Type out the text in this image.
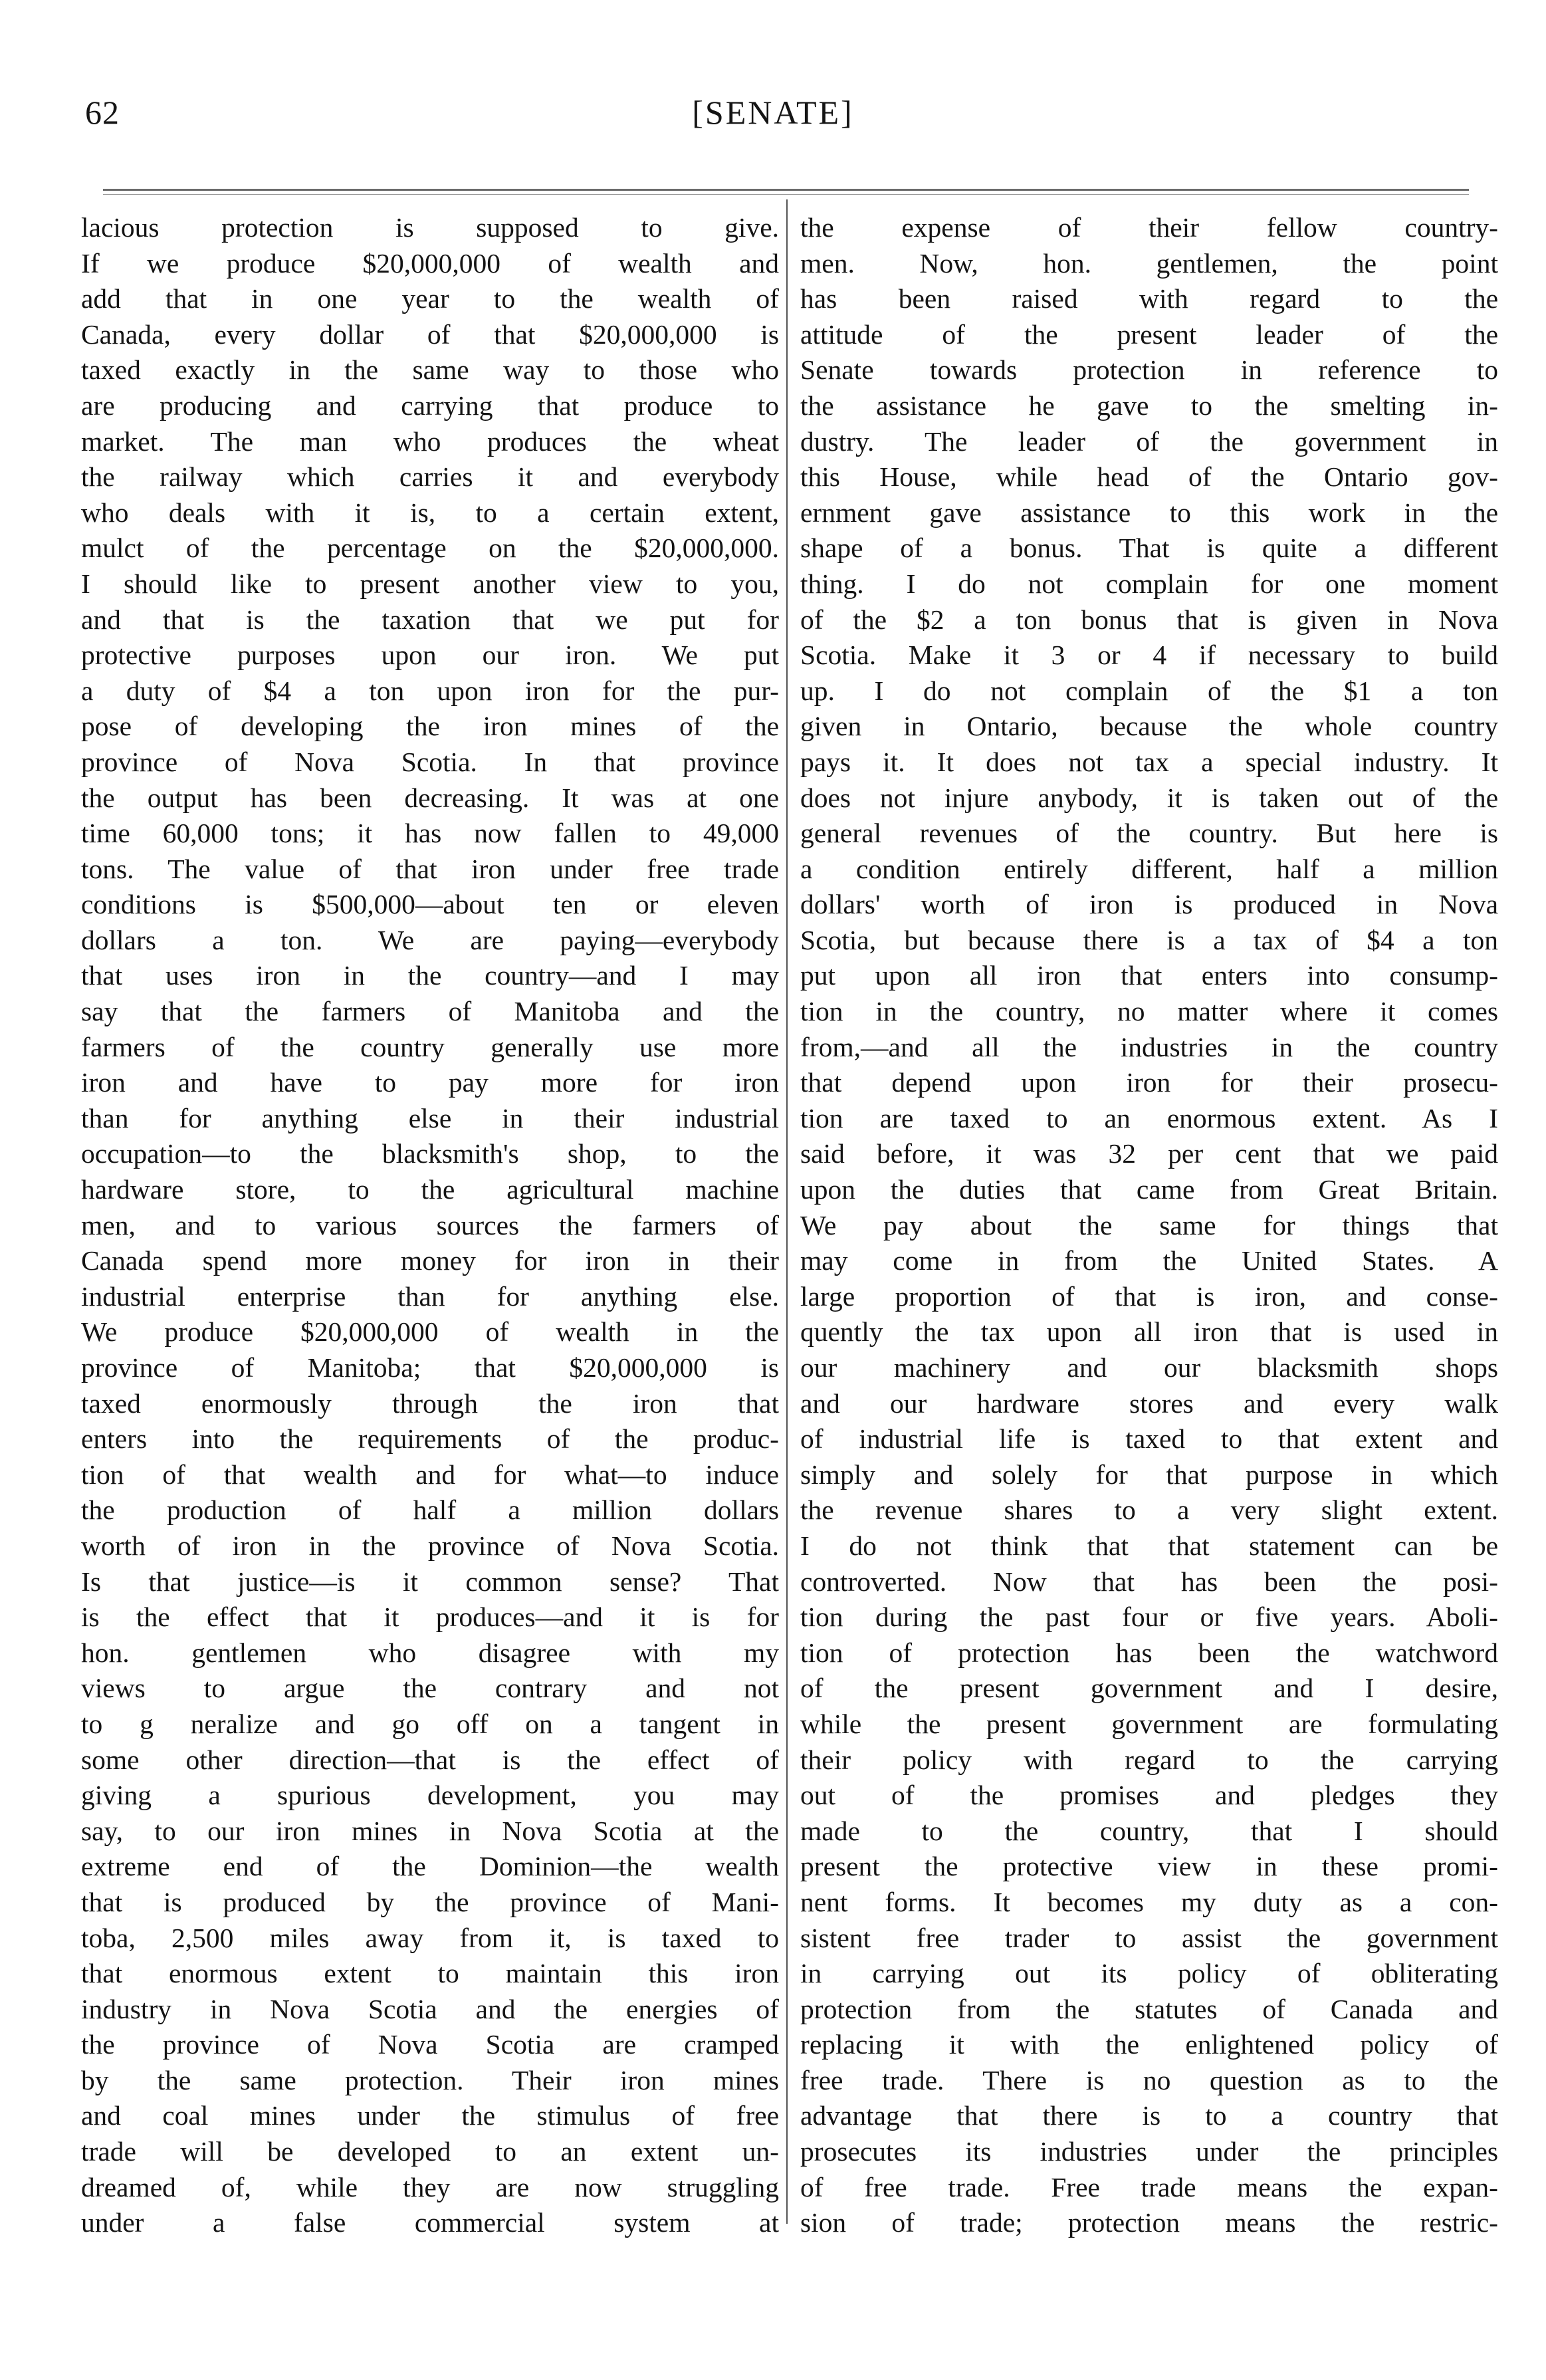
62	[SENATE]
lacious protection is supposed to give.
If we produce $20,000,000 of wealth and
add that in one year to the wealth of
Canada, every dollar of that $20,000,000 is
taxed exactly in the same way to those who
are producing and carrying that produce to
market. The man who produces the wheat
the railway which carries it and everybody
who deals with it is, to a certain extent,
mulct of the percentage on the $20,000,000.
I should like to present another view to you,
and that is the taxation that we put for
protective purposes upon our iron. We put
a duty of $4 a ton upon iron for the pur-
pose of developing the iron mines of the
province of Nova Scotia. In that province
the output has been decreasing. It was at one
time 60,000 tons; it has now fallen to 49,000
tons. The value of that iron under free trade
conditions is $500,000—about ten or eleven
dollars a ton. We are paying—everybody
that uses iron in the country—and I may
say that the farmers of Manitoba and the
farmers of the country generally use more
iron and have to pay more for iron
than for anything else in their industrial
occupation—to the blacksmith's shop, to the
hardware store, to the agricultural machine
men, and to various sources the farmers of
Canada spend more money for iron in their
industrial enterprise than for anything else.
We produce $20,000,000 of wealth in the
province of Manitoba; that $20,000,000 is
taxed enormously through the iron that
enters into the requirements of the produc-
tion of that wealth and for what—to induce
the production of half a million dollars
worth of iron in the province of Nova Scotia.
Is that justice—is it common sense? That
is the effect that it produces—and it is for
hon. gentlemen who disagree with my
views to argue the contrary and not
to g neralize and go off on a tangent in
some other direction—that is the effect of
giving a spurious development, you may
say, to our iron mines in Nova Scotia at the
extreme end of the Dominion—the wealth
that is produced by the province of Mani-
toba, 2,500 miles away from it, is taxed to
that enormous extent to maintain this iron
industry in Nova Scotia and the energies of
the province of Nova Scotia are cramped
by the same protection. Their iron mines
and coal mines under the stimulus of free
trade will be developed to an extent un-
dreamed of, while they are now struggling
under a false commercial system at
the expense of their fellow country-
men. Now, hon. gentlemen, the point
has been raised with regard to the
attitude of the present leader of the
Senate towards protection in reference to
the assistance he gave to the smelting in-
dustry. The leader of the government in
this House, while head of the Ontario gov-
ernment gave assistance to this work in the
shape of a bonus. That is quite a different
thing. I do not complain for one moment
of the $2 a ton bonus that is given in Nova
Scotia. Make it 3 or 4 if necessary to build
up. I do not complain of the $1 a ton
given in Ontario, because the whole country
pays it. It does not tax a special industry. It
does not injure anybody, it is taken out of the
general revenues of the country. But here is
a condition entirely different, half a million
dollars' worth of iron is produced in Nova
Scotia, but because there is a tax of $4 a ton
put upon all iron that enters into consump-
tion in the country, no matter where it comes
from,—and all the industries in the country
that depend upon iron for their prosecu-
tion are taxed to an enormous extent. As I
said before, it was 32 per cent that we paid
upon the duties that came from Great Britain.
We pay about the same for things that
may come in from the United States. A
large proportion of that is iron, and conse-
quently the tax upon all iron that is used in
our machinery and our blacksmith shops
and our hardware stores and every walk
of industrial life is taxed to that extent and
simply and solely for that purpose in which
the revenue shares to a very slight extent.
I do not think that that statement can be
controverted. Now that has been the posi-
tion during the past four or five years. Aboli-
tion of protection has been the watchword
of the present government and I desire,
while the present government are formulating
their policy with regard to the carrying
out of the promises and pledges they
made to the country, that I should
present the protective view in these promi-
nent forms. It becomes my duty as a con-
sistent free trader to assist the government
in carrying out its policy of obliterating
protection from the statutes of Canada and
replacing it with the enlightened policy of
free trade. There is no question as to the
advantage that there is to a country that
prosecutes its industries under the principles
of free trade. Free trade means the expan-
sion of trade; protection means the restric-
